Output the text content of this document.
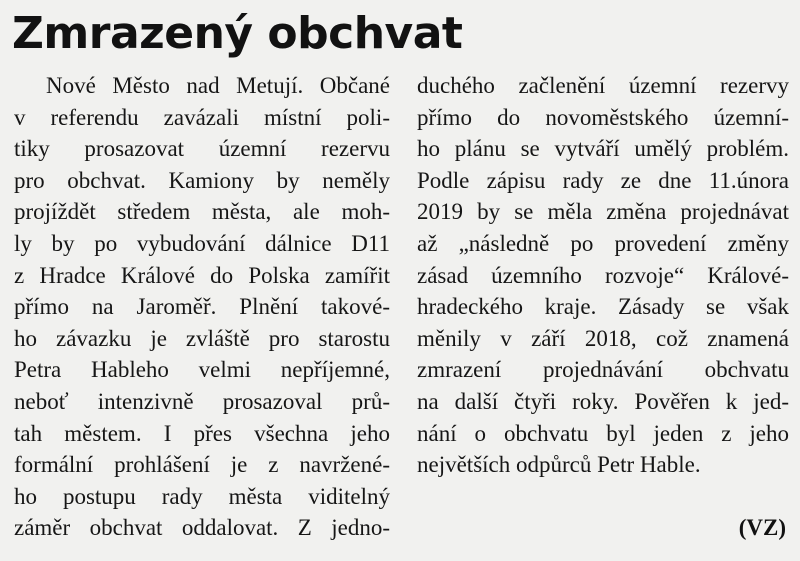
Zmrazený obchvat
Nové Město nad Metují. Občané
v referendu zavázali místní poli-
tiky prosazovat územní rezervu
pro obchvat. Kamiony by neměly
projíždět středem města, ale moh-
ly by po vybudování dálnice D11
z Hradce Králové do Polska zamířit
přímo na Jaroměř. Plnění takové-
ho závazku je zvláště pro starostu
Petra Hableho velmi nepříjemné,
neboť intenzivně prosazoval prů-
tah městem. I přes všechna jeho
formální prohlášení je z navržené-
ho postupu rady města viditelný
záměr obchvat oddalovat. Z jedno-
duchého začlenění územní rezervy
přímo do novoměstského územní-
ho plánu se vytváří umělý problém.
Podle zápisu rady ze dne 11.února
2019 by se měla změna projednávat
až „následně po provedení změny
zásad územního rozvoje“ Králové-
hradeckého kraje. Zásady se však
měnily v září 2018, což znamená
zmrazení projednávání obchvatu
na další čtyři roky. Pověřen k jed-
nání o obchvatu byl jeden z jeho
největších odpůrců Petr Hable.
(VZ)
